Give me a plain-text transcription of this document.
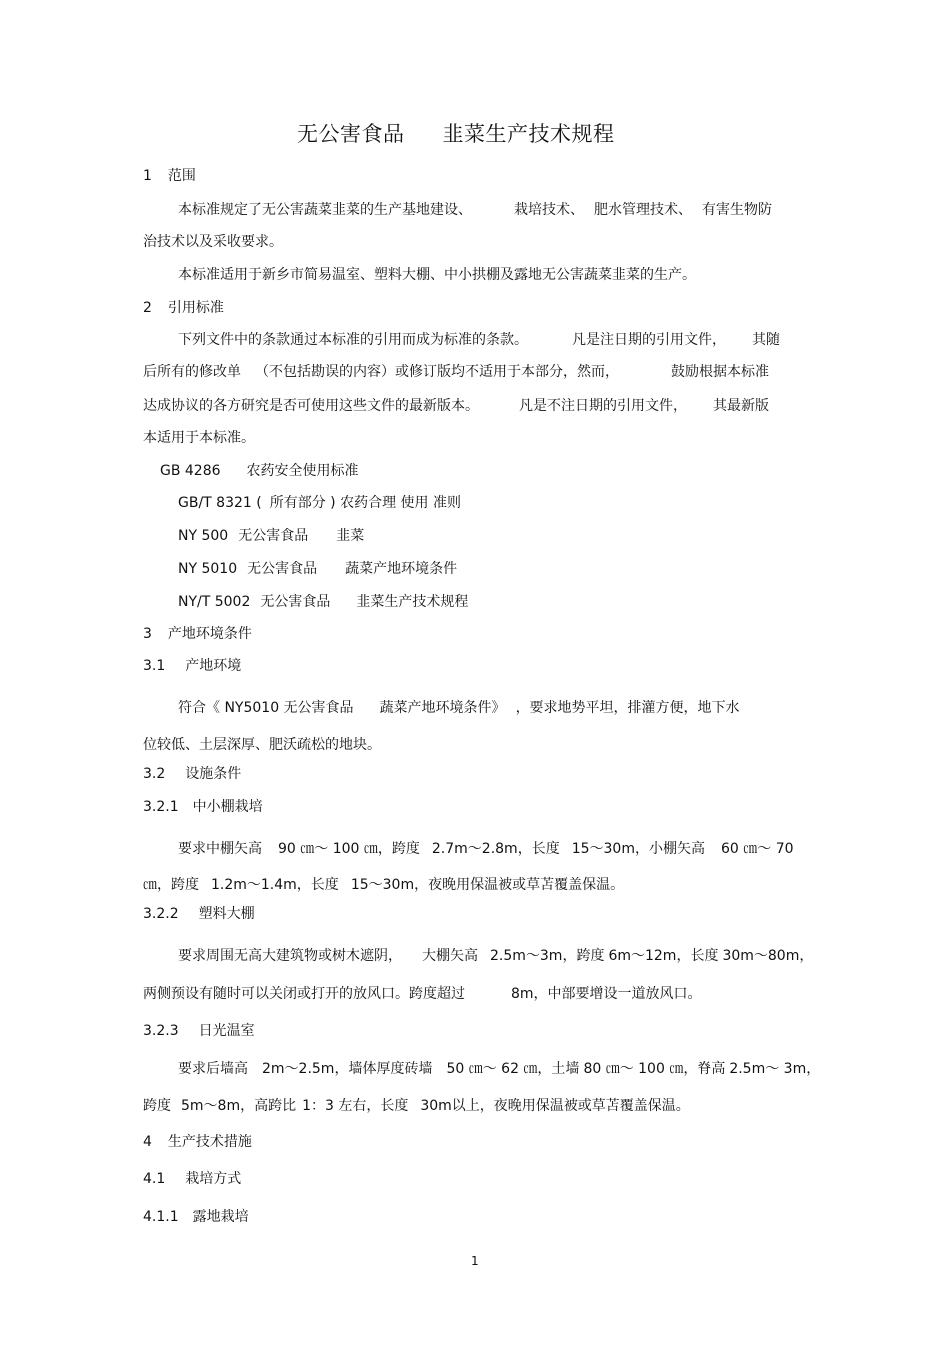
无公害食品 韭菜生产技术规程
1 范围
本标准规定了无公害蔬菜韭菜的生产基地建设、	栽培技术、 肥水管理技术、 有害生物防
治技术以及采收要求。
本标准适用于新乡市简易温室、塑料大棚、中小拱棚及露地无公害蔬菜韭菜的生产。
2 引用标准
下列文件中的条款通过本标准的引用而成为标准的条款。	凡是注日期的引用文件， 其随
后所有的修改单 （不包括勘误的内容）或修订版均不适用于本部分，然而，	鼓励根据本标准
达成协议的各方研究是否可使用这些文件的最新版本。	凡是不注日期的引用文件， 其最新版
本适用于本标准。
GB 4286 农药安全使用标准
GB/T 8321 ( 所有部分 ) 农药合理 使用 准则
NY 500 无公害食品 韭菜
NY 5010 无公害食品 蔬菜产地环境条件
NY/T 5002 无公害食品 韭菜生产技术规程
3 产地环境条件
3.1 产地环境
符合《 NY5010 无公害食品 蔬菜产地环境条件》 ，要求地势平坦，排灌方便，地下水
位较低、土层深厚、肥沃疏松的地块。
3.2 设施条件
3.2.1 中小棚栽培
要求中棚矢高 90 ㎝～ 100 ㎝，跨度 2.7m～2.8m，长度 15～30m，小棚矢高 60 ㎝～ 70
㎝，跨度 1.2m～1.4m，长度 15～30m，夜晚用保温被或草苫覆盖保温。
3.2.2 塑料大棚
要求周围无高大建筑物或树木遮阴， 大棚矢高 2.5m～3m，跨度 6m～12m，长度 30m～80m，
两侧预设有随时可以关闭或打开的放风口。跨度超过	8m，中部要增设一道放风口。
3.2.3 日光温室
要求后墙高 2m～2.5m，墙体厚度砖墙 50 ㎝～ 62 ㎝，土墙 80 ㎝～ 100 ㎝，脊高 2.5m～ 3m，
跨度 5m～8m，高跨比 1：3 左右，长度 30m以上，夜晚用保温被或草苫覆盖保温。
4 生产技术措施
4.1 栽培方式
4.1.1 露地栽培
1
